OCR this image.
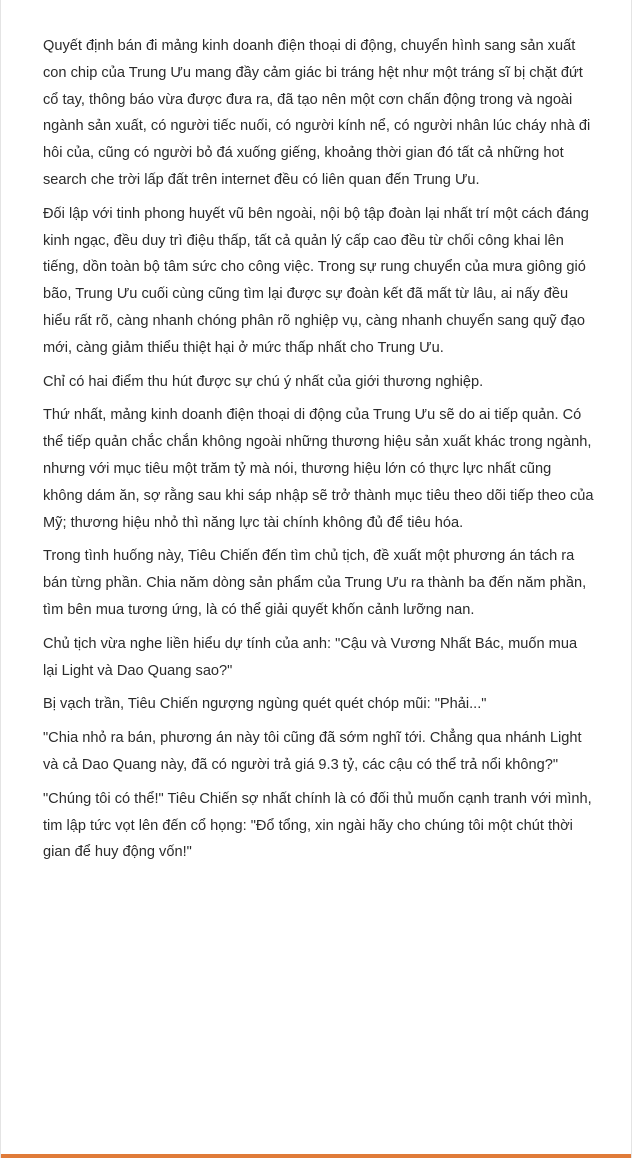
Quyết định bán đi mảng kinh doanh điện thoại di động, chuyển hình sang sản xuất con chip của Trung Ưu mang đầy cảm giác bi tráng hệt như một tráng sĩ bị chặt đứt cổ tay, thông báo vừa được đưa ra, đã tạo nên một cơn chấn động trong và ngoài ngành sản xuất, có người tiếc nuối, có người kính nể, có người nhân lúc cháy nhà đi hôi của, cũng có người bỏ đá xuống giếng, khoảng thời gian đó tất cả những hot search che trời lấp đất trên internet đều có liên quan đến Trung Ưu.

Đối lập với tinh phong huyết vũ bên ngoài, nội bộ tập đoàn lại nhất trí một cách đáng kinh ngạc, đều duy trì điệu thấp, tất cả quản lý cấp cao đều từ chối công khai lên tiếng, dồn toàn bộ tâm sức cho công việc. Trong sự rung chuyển của mưa giông gió bão, Trung Ưu cuối cùng cũng tìm lại được sự đoàn kết đã mất từ lâu, ai nấy đều hiểu rất rõ, càng nhanh chóng phân rõ nghiệp vụ, càng nhanh chuyển sang quỹ đạo mới, càng giảm thiểu thiệt hại ở mức thấp nhất cho Trung Ưu.

Chỉ có hai điểm thu hút được sự chú ý nhất của giới thương nghiệp.

Thứ nhất, mảng kinh doanh điện thoại di động của Trung Ưu sẽ do ai tiếp quản. Có thể tiếp quản chắc chắn không ngoài những thương hiệu sản xuất khác trong ngành, nhưng với mục tiêu một trăm tỷ mà nói, thương hiệu lớn có thực lực nhất cũng không dám ăn, sợ rằng sau khi sáp nhập sẽ trở thành mục tiêu theo dõi tiếp theo của Mỹ; thương hiệu nhỏ thì năng lực tài chính không đủ để tiêu hóa.

Trong tình huống này, Tiêu Chiến đến tìm chủ tịch, đề xuất một phương án tách ra bán từng phần. Chia năm dòng sản phẩm của Trung Ưu ra thành ba đến năm phần, tìm bên mua tương ứng, là có thể giải quyết khốn cảnh lưỡng nan.

Chủ tịch vừa nghe liền hiểu dự tính của anh: "Cậu và Vương Nhất Bác, muốn mua lại Light và Dao Quang sao?"

Bị vạch trần, Tiêu Chiến ngượng ngùng quét quét chóp mũi: "Phải..."

"Chia nhỏ ra bán, phương án này tôi cũng đã sớm nghĩ tới. Chẳng qua nhánh Light và cả Dao Quang này, đã có người trả giá 9.3 tỷ, các cậu có thể trả nổi không?"

"Chúng tôi có thể!" Tiêu Chiến sợ nhất chính là có đối thủ muốn cạnh tranh với mình, tim lập tức vọt lên đến cổ họng: "Đổ tổng, xin ngài hãy cho chúng tôi một chút thời gian để huy động vốn!"
